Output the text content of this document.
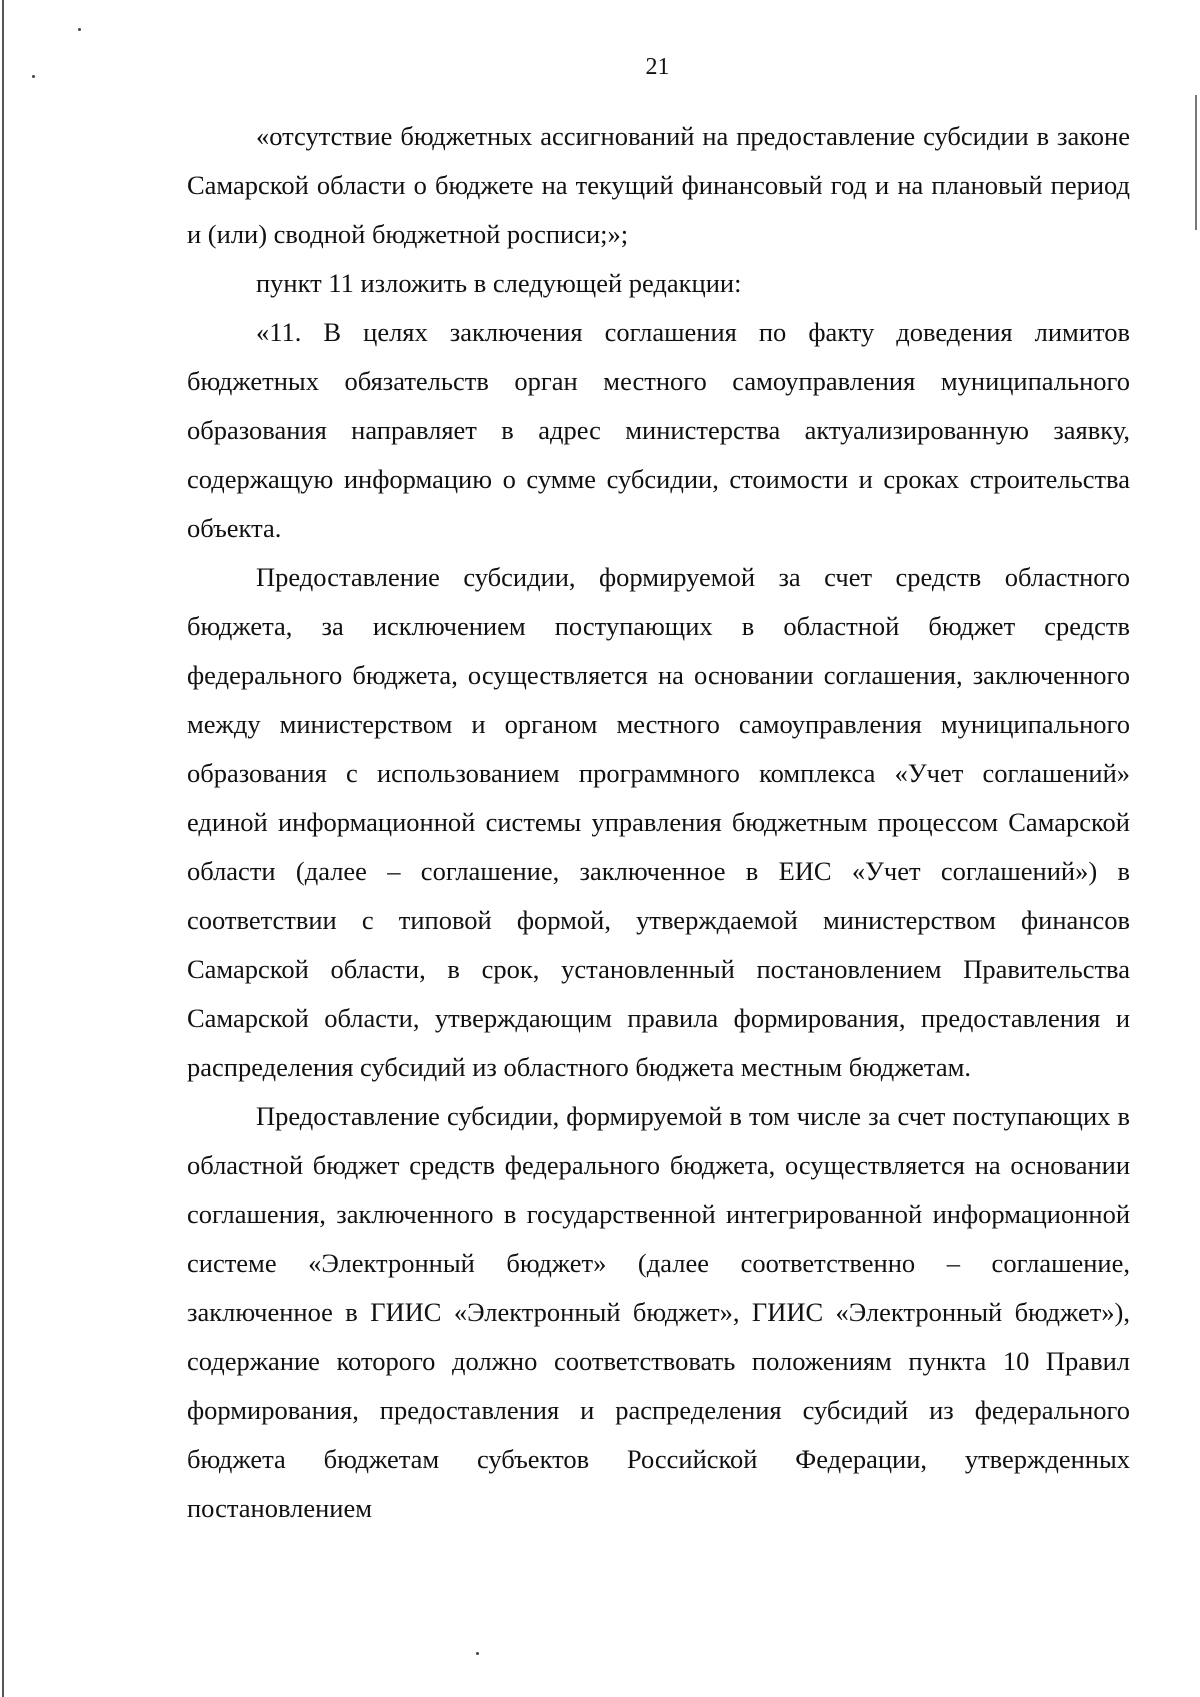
21

«отсутствие бюджетных ассигнований на предоставление субсидии в законе Самарской области о бюджете на текущий финансовый год и на плановый период и (или) сводной бюджетной росписи;»;

пункт 11 изложить в следующей редакции:

«11. В целях заключения соглашения по факту доведения лимитов бюджетных обязательств орган местного самоуправления муниципального образования направляет в адрес министерства актуализированную заявку, содержащую информацию о сумме субсидии, стоимости и сроках строительства объекта.

Предоставление субсидии, формируемой за счет средств областного бюджета, за исключением поступающих в областной бюджет средств федерального бюджета, осуществляется на основании соглашения, заключенного между министерством и органом местного самоуправления муниципального образования с использованием программного комплекса «Учет соглашений» единой информационной системы управления бюджетным процессом Самарской области (далее – соглашение, заключенное в ЕИС «Учет соглашений») в соответствии с типовой формой, утверждаемой министерством финансов Самарской области, в срок, установленный постановлением Правительства Самарской области, утверждающим правила формирования, предоставления и распределения субсидий из областного бюджета местным бюджетам.

Предоставление субсидии, формируемой в том числе за счет поступающих в областной бюджет средств федерального бюджета, осуществляется на основании соглашения, заключенного в государственной интегрированной информационной системе «Электронный бюджет» (далее соответственно – соглашение, заключенное в ГИИС «Электронный бюджет», ГИИС «Электронный бюджет»), содержание которого должно соответствовать положениям пункта 10 Правил формирования, предоставления и распределения субсидий из федерального бюджета бюджетам субъектов Российской Федерации, утвержденных постановлением
